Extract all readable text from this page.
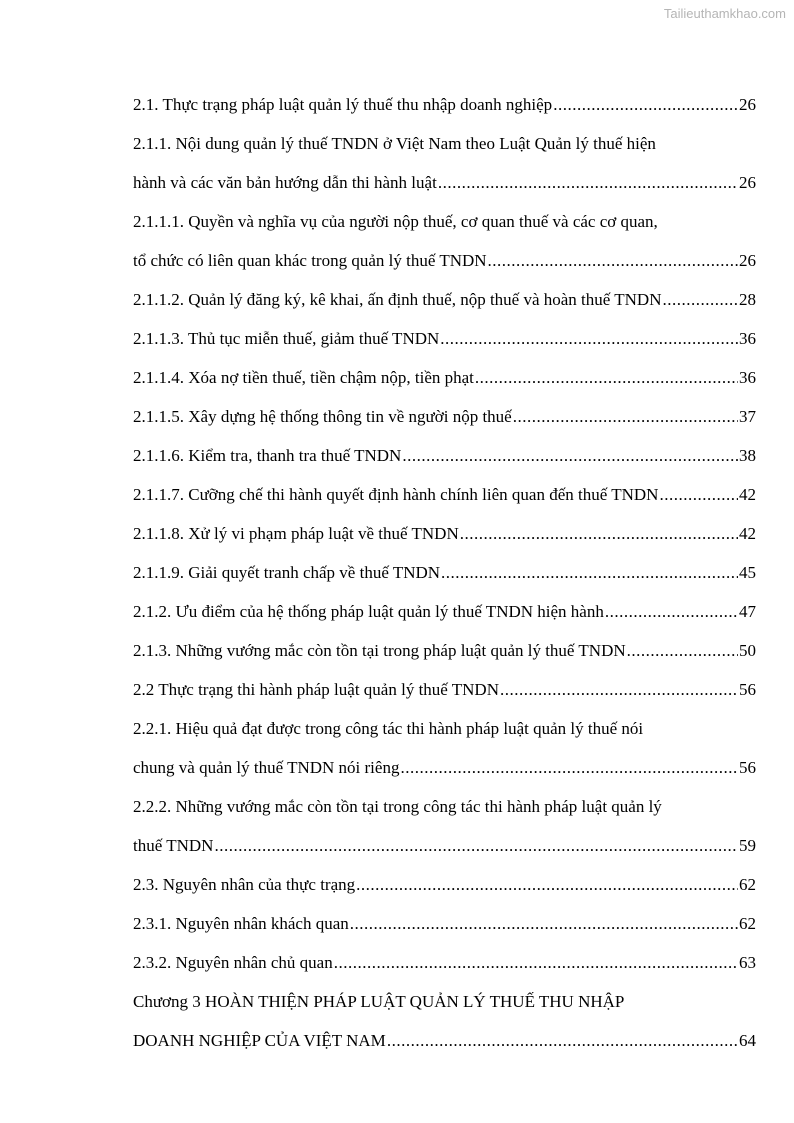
Tailieuthamkhao.com
2.1. Thực trạng pháp luật quản lý thuế thu nhập doanh nghiệp .....	26
2.1.1. Nội dung quản lý thuế TNDN ở Việt Nam theo Luật Quản lý thuế hiện
hành và các văn bản hướng dẫn thi hành luật .....	26
2.1.1.1. Quyền và nghĩa vụ của người nộp thuế, cơ quan thuế và các cơ quan,
tổ chức có liên quan khác trong quản lý thuế TNDN .....	26
2.1.1.2. Quản lý đăng ký, kê khai, ấn định thuế, nộp thuế và hoàn thuế TNDN .....	28
2.1.1.3. Thủ tục miễn thuế, giảm thuế TNDN .....	36
2.1.1.4. Xóa nợ tiền thuế, tiền chậm nộp, tiền phạt .....	36
2.1.1.5. Xây dựng hệ thống thông tin về người nộp thuế .....	37
2.1.1.6. Kiểm tra, thanh tra thuế TNDN .....	38
2.1.1.7. Cưỡng chế thi hành quyết định hành chính liên quan đến thuế TNDN .....	42
2.1.1.8. Xử lý vi phạm pháp luật về thuế TNDN .....	42
2.1.1.9. Giải quyết tranh chấp về thuế TNDN .....	45
2.1.2. Ưu điểm của hệ thống pháp luật quản lý thuế TNDN hiện hành .....	47
2.1.3. Những vướng mắc còn tồn tại trong pháp luật quản lý thuế TNDN .....	50
2.2 Thực trạng thi hành pháp luật quản lý thuế TNDN .....	56
2.2.1. Hiệu quả đạt được trong công tác thi hành pháp luật quản lý thuế nói
chung và quản lý thuế TNDN nói riêng .....	56
2.2.2. Những vướng mắc còn tồn tại trong công tác thi hành pháp luật quản lý
thuế TNDN .....	59
2.3. Nguyên nhân của thực trạng .....	62
2.3.1. Nguyên nhân khách quan .....	62
2.3.2. Nguyên nhân chủ quan .....	63
Chương 3 HOÀN THIỆN PHÁP LUẬT QUẢN LÝ THUẾ THU NHẬP
DOANH NGHIỆP CỦA VIỆT NAM .....	64
